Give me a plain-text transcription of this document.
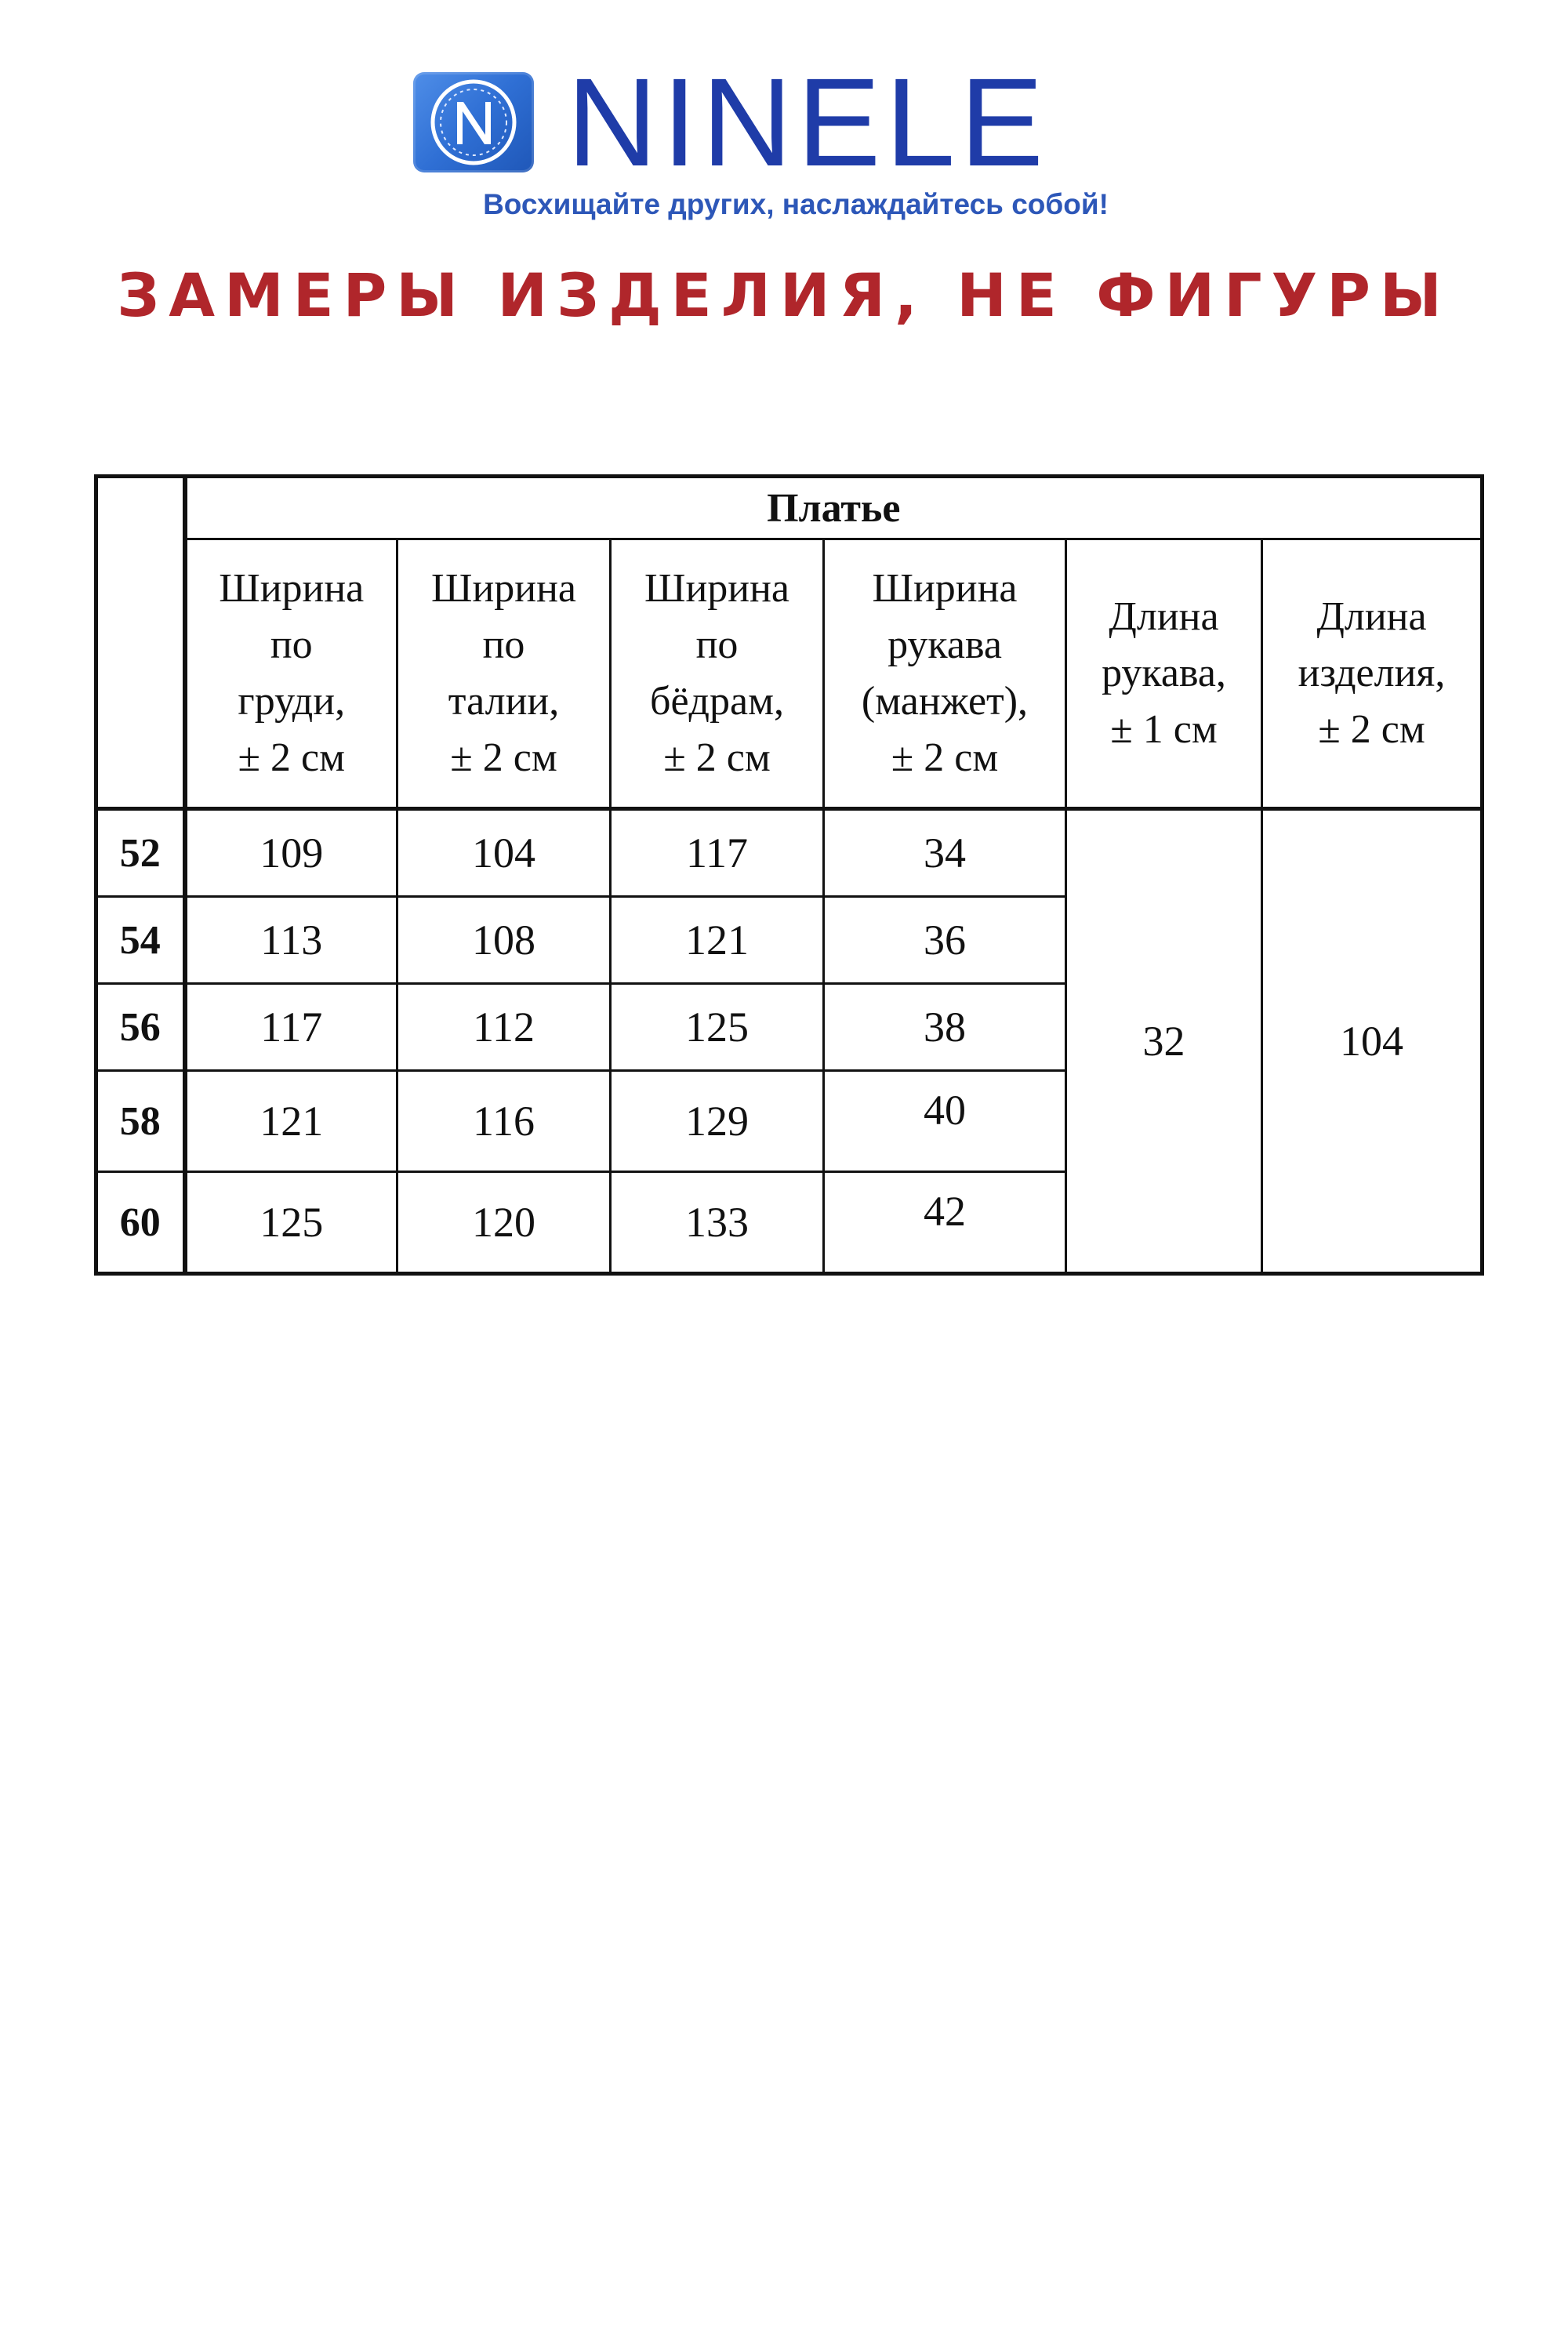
NINELE
Восхищайте других, наслаждайтесь собой!
ЗАМЕРЫ ИЗДЕЛИЯ, НЕ ФИГУРЫ
	Платье					

	Ширина
по
груди,
± 2 см	Ширина
по
талии,
± 2 см	Ширина
по
бёдрам,
± 2 см	Ширина
рукава
(манжет),
± 2 см	Длина
рукава,
± 1 см	Длина
изделия,
± 2 см

52	109	104	117	34	32	104
54	113	108	121	36		
56	117	112	125	38		
58	121	116	129	40		
60	125	120	133	42		
